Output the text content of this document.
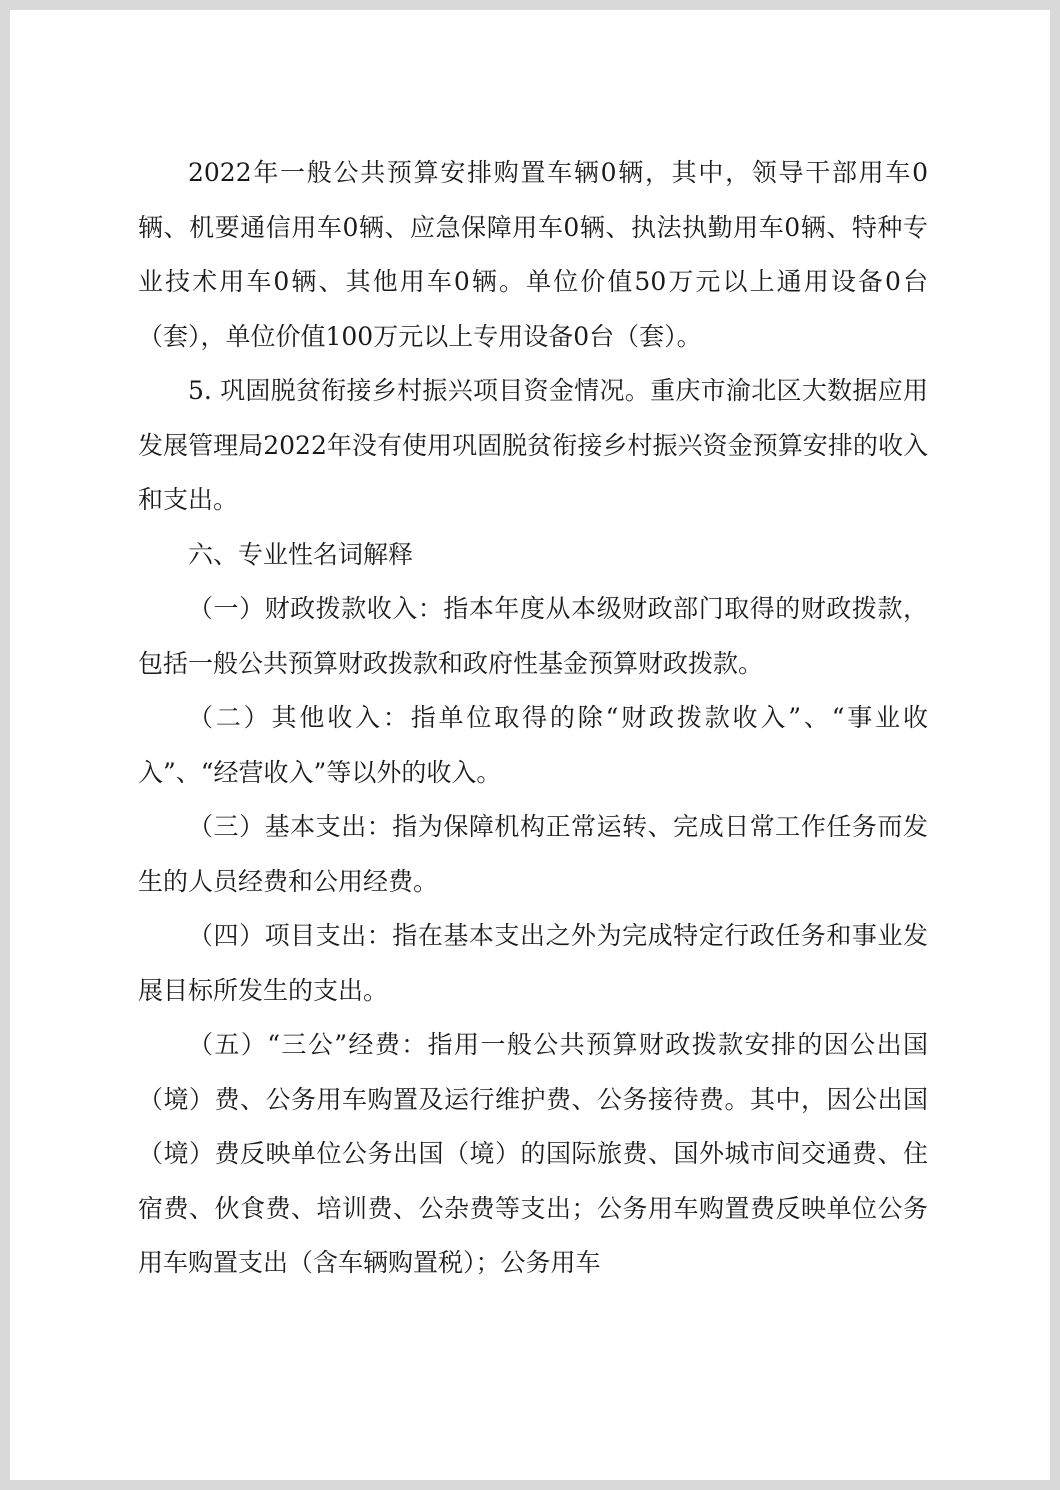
2022年一般公共预算安排购置车辆0辆，其中，领导干部用车0辆、机要通信用车0辆、应急保障用车0辆、执法执勤用车0辆、特种专业技术用车0辆、其他用车0辆。单位价值50万元以上通用设备0台（套），单位价值100万元以上专用设备0台（套）。

5. 巩固脱贫衔接乡村振兴项目资金情况。重庆市渝北区大数据应用发展管理局2022年没有使用巩固脱贫衔接乡村振兴资金预算安排的收入和支出。

六、专业性名词解释

（一）财政拨款收入：指本年度从本级财政部门取得的财政拨款，包括一般公共预算财政拨款和政府性基金预算财政拨款。

（二）其他收入：指单位取得的除“财政拨款收入”、“事业收入”、“经营收入”等以外的收入。

（三）基本支出：指为保障机构正常运转、完成日常工作任务而发生的人员经费和公用经费。

（四）项目支出：指在基本支出之外为完成特定行政任务和事业发展目标所发生的支出。

（五）“三公”经费：指用一般公共预算财政拨款安排的因公出国（境）费、公务用车购置及运行维护费、公务接待费。其中，因公出国（境）费反映单位公务出国（境）的国际旅费、国外城市间交通费、住宿费、伙食费、培训费、公杂费等支出；公务用车购置费反映单位公务用车购置支出（含车辆购置税）；公务用车
